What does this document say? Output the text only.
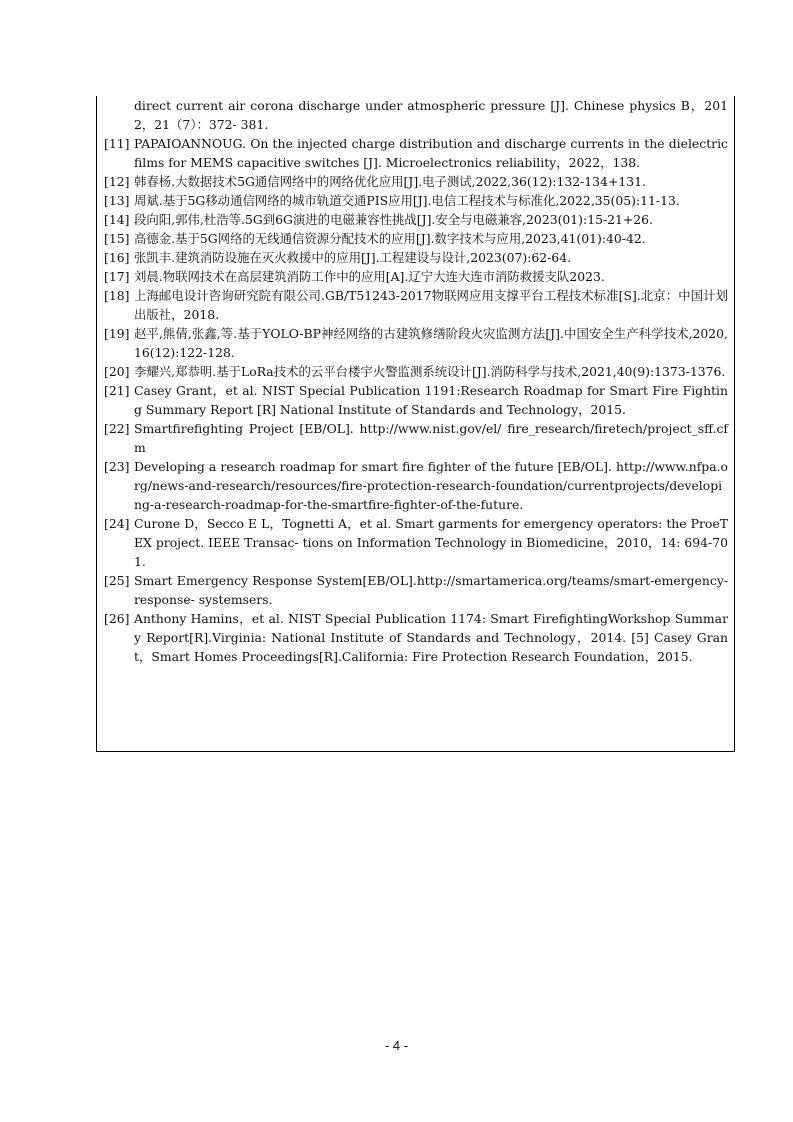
direct current air corona discharge under atmospheric pressure [J]. Chinese physics B，2012，21（7）：372- 381.
[11] PAPAIOANNOUG. On the injected charge distribution and discharge currents in the dielectric films for MEMS capacitive switches [J]. Microelectronics reliability，2022，138.
[12] 韩春杨.大数据技术5G通信网络中的网络优化应用[J].电子测试,2022,36(12):132-134+131.
[13] 周斌.基于5G移动通信网络的城市轨道交通PIS应用[J].电信工程技术与标准化,2022,35(05):11-13.
[14] 段向阳,郭伟,杜浩等.5G到6G演进的电磁兼容性挑战[J].安全与电磁兼容,2023(01):15-21+26.
[15] 高德金.基于5G网络的无线通信资源分配技术的应用[J].数字技术与应用,2023,41(01):40-42.
[16] 张凯丰.建筑消防设施在灭火救援中的应用[J].工程建设与设计,2023(07):62-64.
[17] 刘晨.物联网技术在高层建筑消防工作中的应用[A].辽宁大连大连市消防救援支队2023.
[18] 上海邮电设计咨询研究院有限公司.GB/T51243-2017物联网应用支撑平台工程技术标准[S].北京：中国计划出版社，2018.
[19] 赵平,熊倩,张鑫,等.基于YOLO-BP神经网络的古建筑修缮阶段火灾监测方法[J].中国安全生产科学技术,2020,16(12):122-128.
[20] 李耀兴,郑恭明.基于LoRa技术的云平台楼宇火警监测系统设计[J].消防科学与技术,2021,40(9):1373-1376.
[21] Casey Grant，et al. NIST Special Publication 1191:Research Roadmap for Smart Fire Fighting Summary Report [R] National Institute of Standards and Technology，2015.
[22] Smartfirefighting Project [EB/OL]. http://www.nist.gov/el/ fire_research/firetech/project_sff.cfm
[23] Developing a research roadmap for smart fire fighter of the future [EB/OL]. http://www.nfpa.org/news-and-research/resources/fire-protection-research-foundation/currentprojects/developing-a-research-roadmap-for-the-smartfire-fighter-of-the-future.
[24] Curone D，Secco E L，Tognetti A，et al. Smart garments for emergency operators: the ProeTEX project. IEEE Transac- tions on Information Technology in Biomedicine，2010，14: 694-701.
[25] Smart Emergency Response System[EB/OL].http://smartamerica.org/teams/smart-emergency- response- systemsers.
[26] Anthony Hamins，et al. NIST Special Publication 1174: Smart FirefightingWorkshop Summary Report[R].Virginia: National Institute of Standards and Technology，2014. [5] Casey Grant，Smart Homes Proceedings[R].California: Fire Protection Research Foundation，2015.
- 4 -
